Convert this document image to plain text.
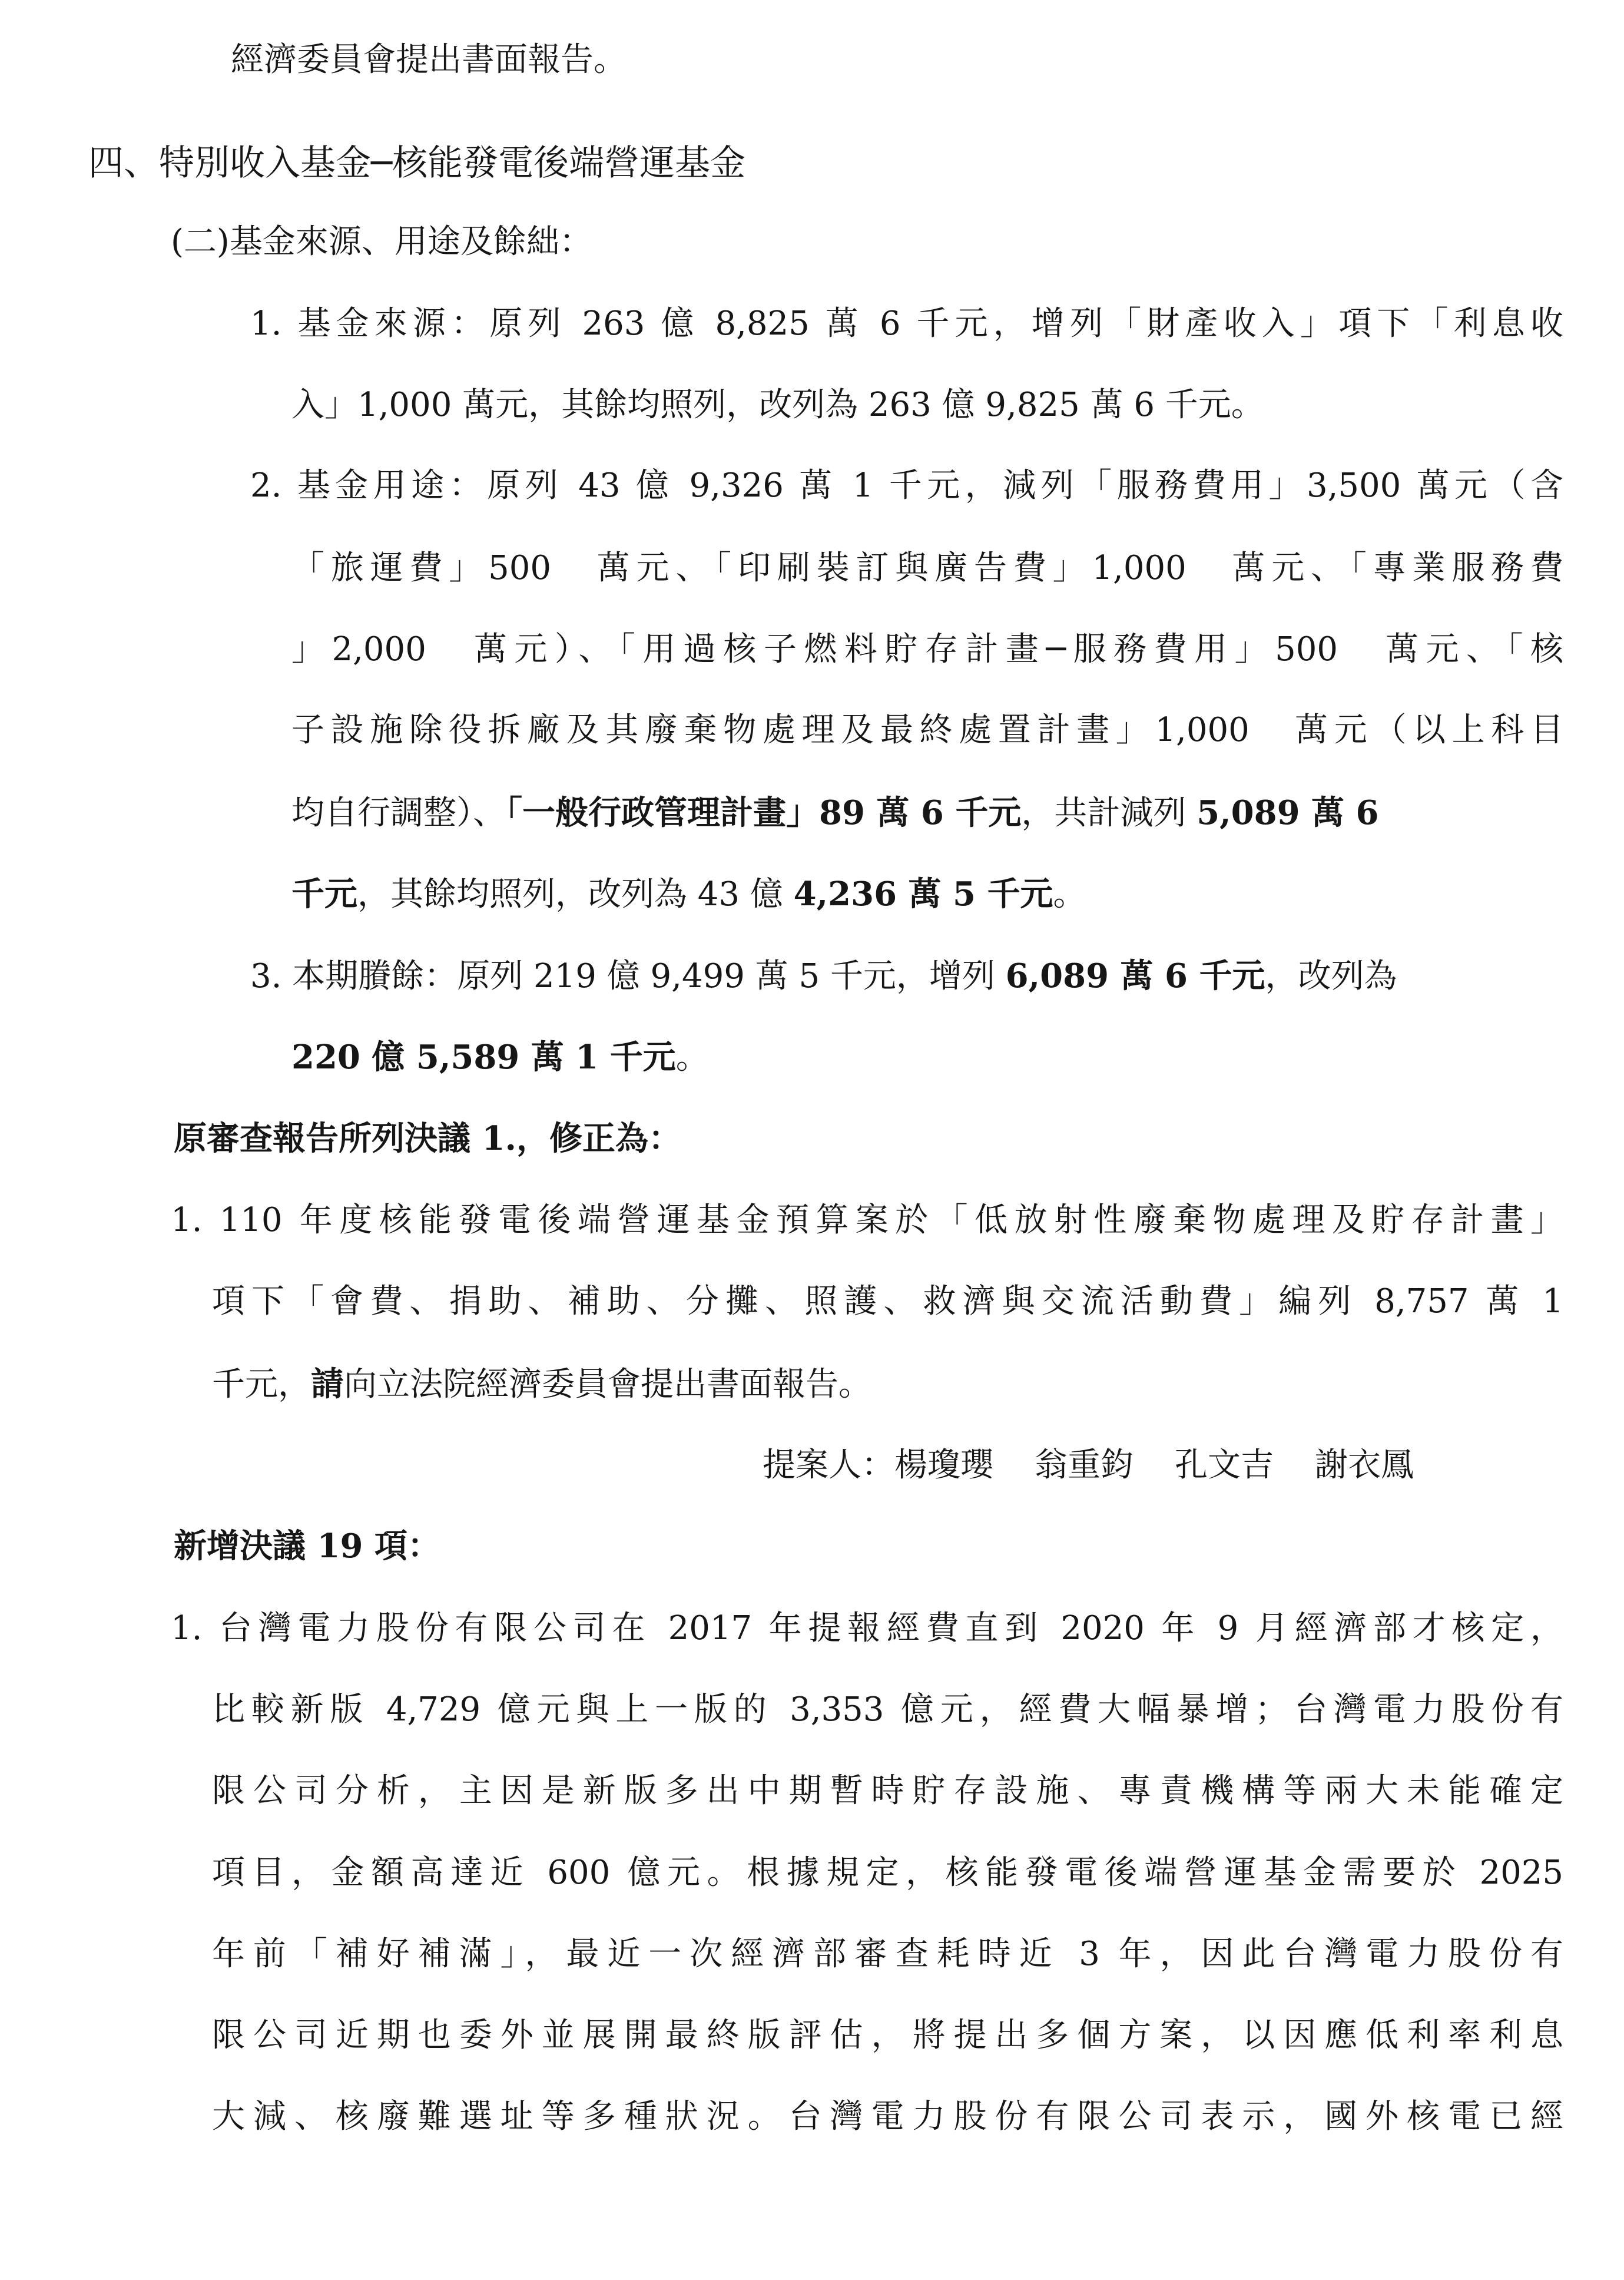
經濟委員會提出書面報告。

四、特別收入基金─核能發電後端營運基金

(二)基金來源、用途及餘絀：

1. 基金來源：原列 263 億 8,825 萬 6 千元，增列「財產收入」項下「利息收

入」1,000 萬元，其餘均照列，改列為 263 億 9,825 萬 6 千元。

2. 基金用途：原列 43 億 9,326 萬 1 千元，減列「服務費用」3,500 萬元（含

「旅運費」500　萬元、「印刷裝訂與廣告費」1,000　萬元、「專業服務費

」2,000　萬元）、「用過核子燃料貯存計畫─服務費用」500　萬元、「核

子設施除役拆廠及其廢棄物處理及最終處置計畫」1,000　萬元（以上科目

均自行調整）、「一般行政管理計畫」89 萬 6 千元，共計減列 5,089 萬 6

千元，其餘均照列，改列為 43 億 4,236 萬 5 千元。

3. 本期賸餘：原列 219 億 9,499 萬 5 千元，增列 6,089 萬 6 千元，改列為

220 億 5,589 萬 1 千元。

原審查報告所列決議 1.，修正為：

1. 110 年度核能發電後端營運基金預算案於「低放射性廢棄物處理及貯存計畫」

項下「會費、捐助、補助、分攤、照護、救濟與交流活動費」編列 8,757 萬 1

千元，請向立法院經濟委員會提出書面報告。

提案人：楊瓊瓔 翁重鈞 孔文吉 謝衣鳳

新增決議 19 項：

1. 台灣電力股份有限公司在 2017 年提報經費直到 2020 年 9 月經濟部才核定，

比較新版 4,729 億元與上一版的 3,353 億元，經費大幅暴增；台灣電力股份有

限公司分析，主因是新版多出中期暫時貯存設施、專責機構等兩大未能確定

項目，金額高達近 600 億元。根據規定，核能發電後端營運基金需要於 2025

年前「補好補滿」，最近一次經濟部審查耗時近 3 年，因此台灣電力股份有

限公司近期也委外並展開最終版評估，將提出多個方案，以因應低利率利息

大減、核廢難選址等多種狀況。台灣電力股份有限公司表示，國外核電已經
